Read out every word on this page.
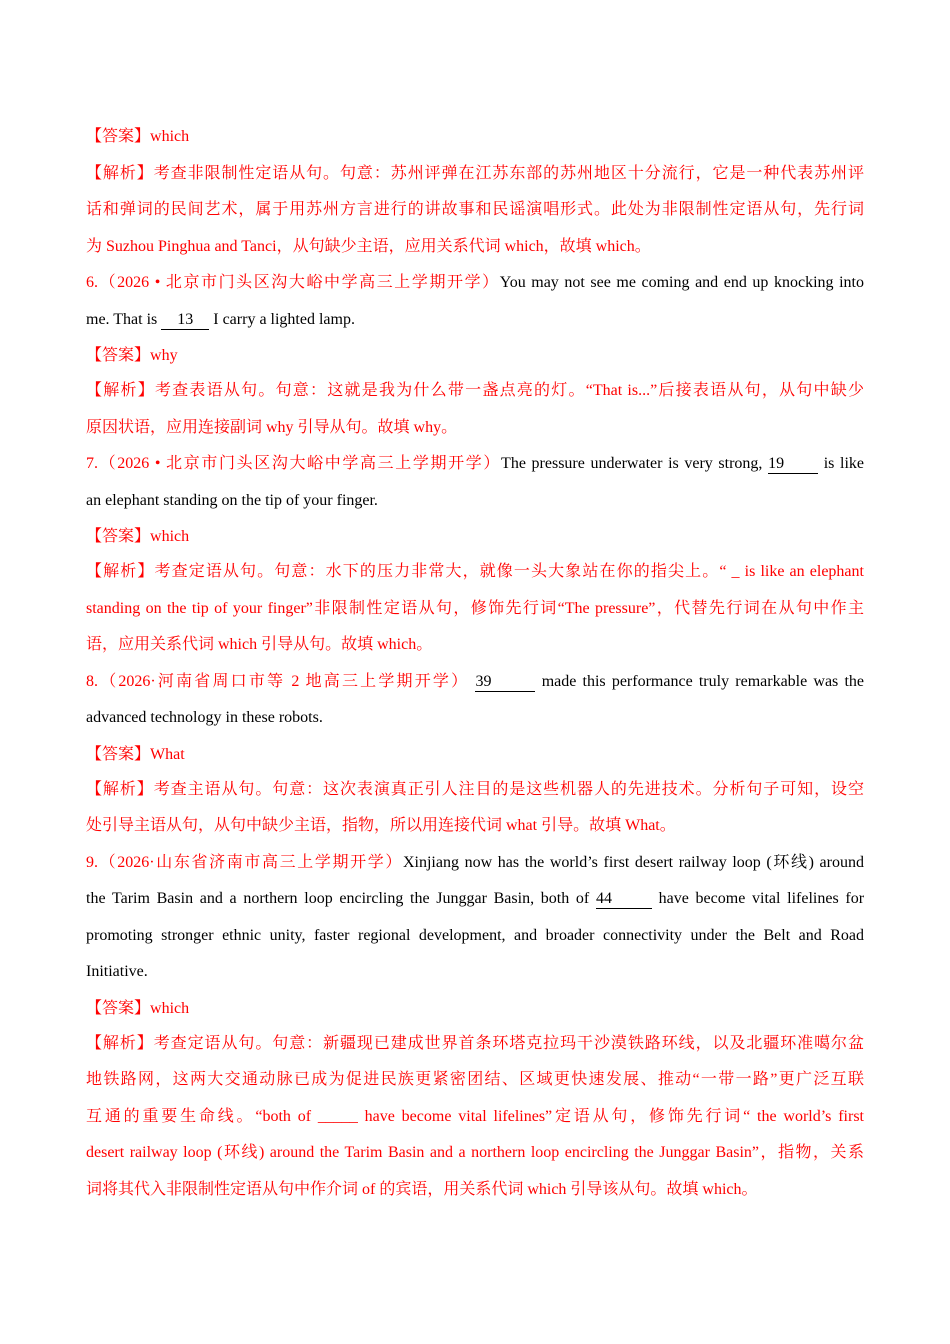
【答案】which
【解析】考查非限制性定语从句。句意：苏州评弹在江苏东部的苏州地区十分流行，它是一种代表苏州评
话和弹词的民间艺术，属于用苏州方言进行的讲故事和民谣演唱形式。此处为非限制性定语从句，先行词
为 Suzhou Pinghua and Tanci，从句缺少主语，应用关系代词 which，故填 which。
6.（2026 • 北京市门头区沟大峪中学高三上学期开学）You may not see me coming and end up knocking into
me. That is 13 I carry a lighted lamp.
【答案】why
【解析】考查表语从句。句意：这就是我为什么带一盏点亮的灯。“That is...”后接表语从句，从句中缺少
原因状语，应用连接副词 why 引导从句。故填 why。
7.（2026 • 北京市门头区沟大峪中学高三上学期开学）The pressure underwater is very strong, 19 is like
an elephant standing on the tip of your finger.
【答案】which
【解析】考查定语从句。句意：水下的压力非常大，就像一头大象站在你的指尖上。“ _ is like an elephant
standing on the tip of your finger”非限制性定语从句，修饰先行词“The pressure”，代替先行词在从句中作主
语，应用关系代词 which 引导从句。故填 which。
8.（2026·河南省周口市等 2 地高三上学期开学） 39	made this performance truly remarkable was the
advanced technology in these robots.
【答案】What
【解析】考查主语从句。句意：这次表演真正引人注目的是这些机器人的先进技术。分析句子可知，设空
处引导主语从句，从句中缺少主语，指物，所以用连接代词 what 引导。故填 What。
9.（2026·山东省济南市高三上学期开学）Xinjiang now has the world’s first desert railway loop (环线) around
the Tarim Basin and a northern loop encircling the Junggar Basin, both of 44	have become vital lifelines for
promoting stronger ethnic unity, faster regional development, and broader connectivity under the Belt and Road
Initiative.
【答案】which
【解析】考查定语从句。句意：新疆现已建成世界首条环塔克拉玛干沙漠铁路环线，以及北疆环准噶尔盆
地铁路网，这两大交通动脉已成为促进民族更紧密团结、区域更快速发展、推动“一带一路”更广泛互联
互通的重要生命线。“both of _____ have become vital lifelines”定语从句，修饰先行词“ the world’s first
desert railway loop (环线) around the Tarim Basin and a northern loop encircling the Junggar Basin”，指物，关系
词将其代入非限制性定语从句中作介词 of 的宾语，用关系代词 which 引导该从句。故填 which。
